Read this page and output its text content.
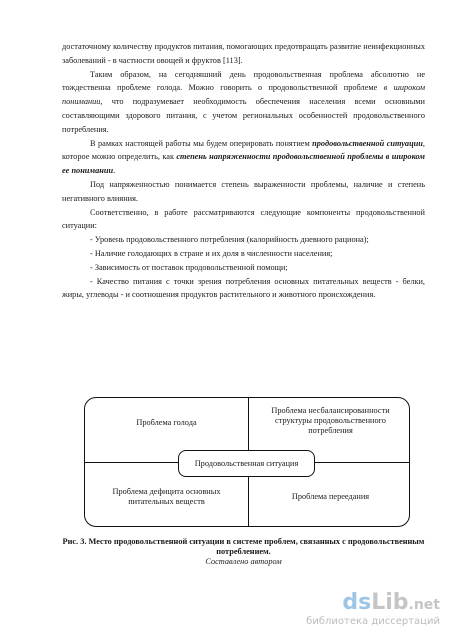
достаточному количеству продуктов питания, помогающих предотвращать развитие неинфекционных заболеваний - в частности овощей и фруктов [113].

Таким образом, на сегодняшний день продовольственная проблема абсолютно не тождественна проблеме голода. Можно говорить о продовольственной проблеме в широком понимании, что подразумевает необходимость обеспечения населения всеми основными составляющими здорового питания, с учетом региональных особенностей продовольственного потребления.

В рамках настоящей работы мы будем оперировать понятием продовольственной ситуации, которое можно определить, как степень напряженности продовольственной проблемы в широком ее понимании.

Под напряженностью понимается степень выраженности проблемы, наличие и степень негативного влияния.

Соответственно, в работе рассматриваются следующие компоненты продовольственной ситуации:

- Уровень продовольственного потребления (калорийность дневного рациона);

- Наличие голодающих в стране и их доля в численности населения;

- Зависимость от поставок продовольственной помощи;

- Качество питания с точки зрения потребления основных питательных веществ - белки, жиры, углеводы - и соотношения продуктов растительного и животного происхождения.

Проблема голода
Проблема несбалансированности структуры продовольственного потребления
Проблема дефицита основных питательных веществ
Проблема переедания
Продовольственная ситуация
Рис. 3. Место продовольственной ситуации в системе проблем, связанных с продовольственным потреблением.
Составлено автором
dsLib.net
библиотека диссертаций
